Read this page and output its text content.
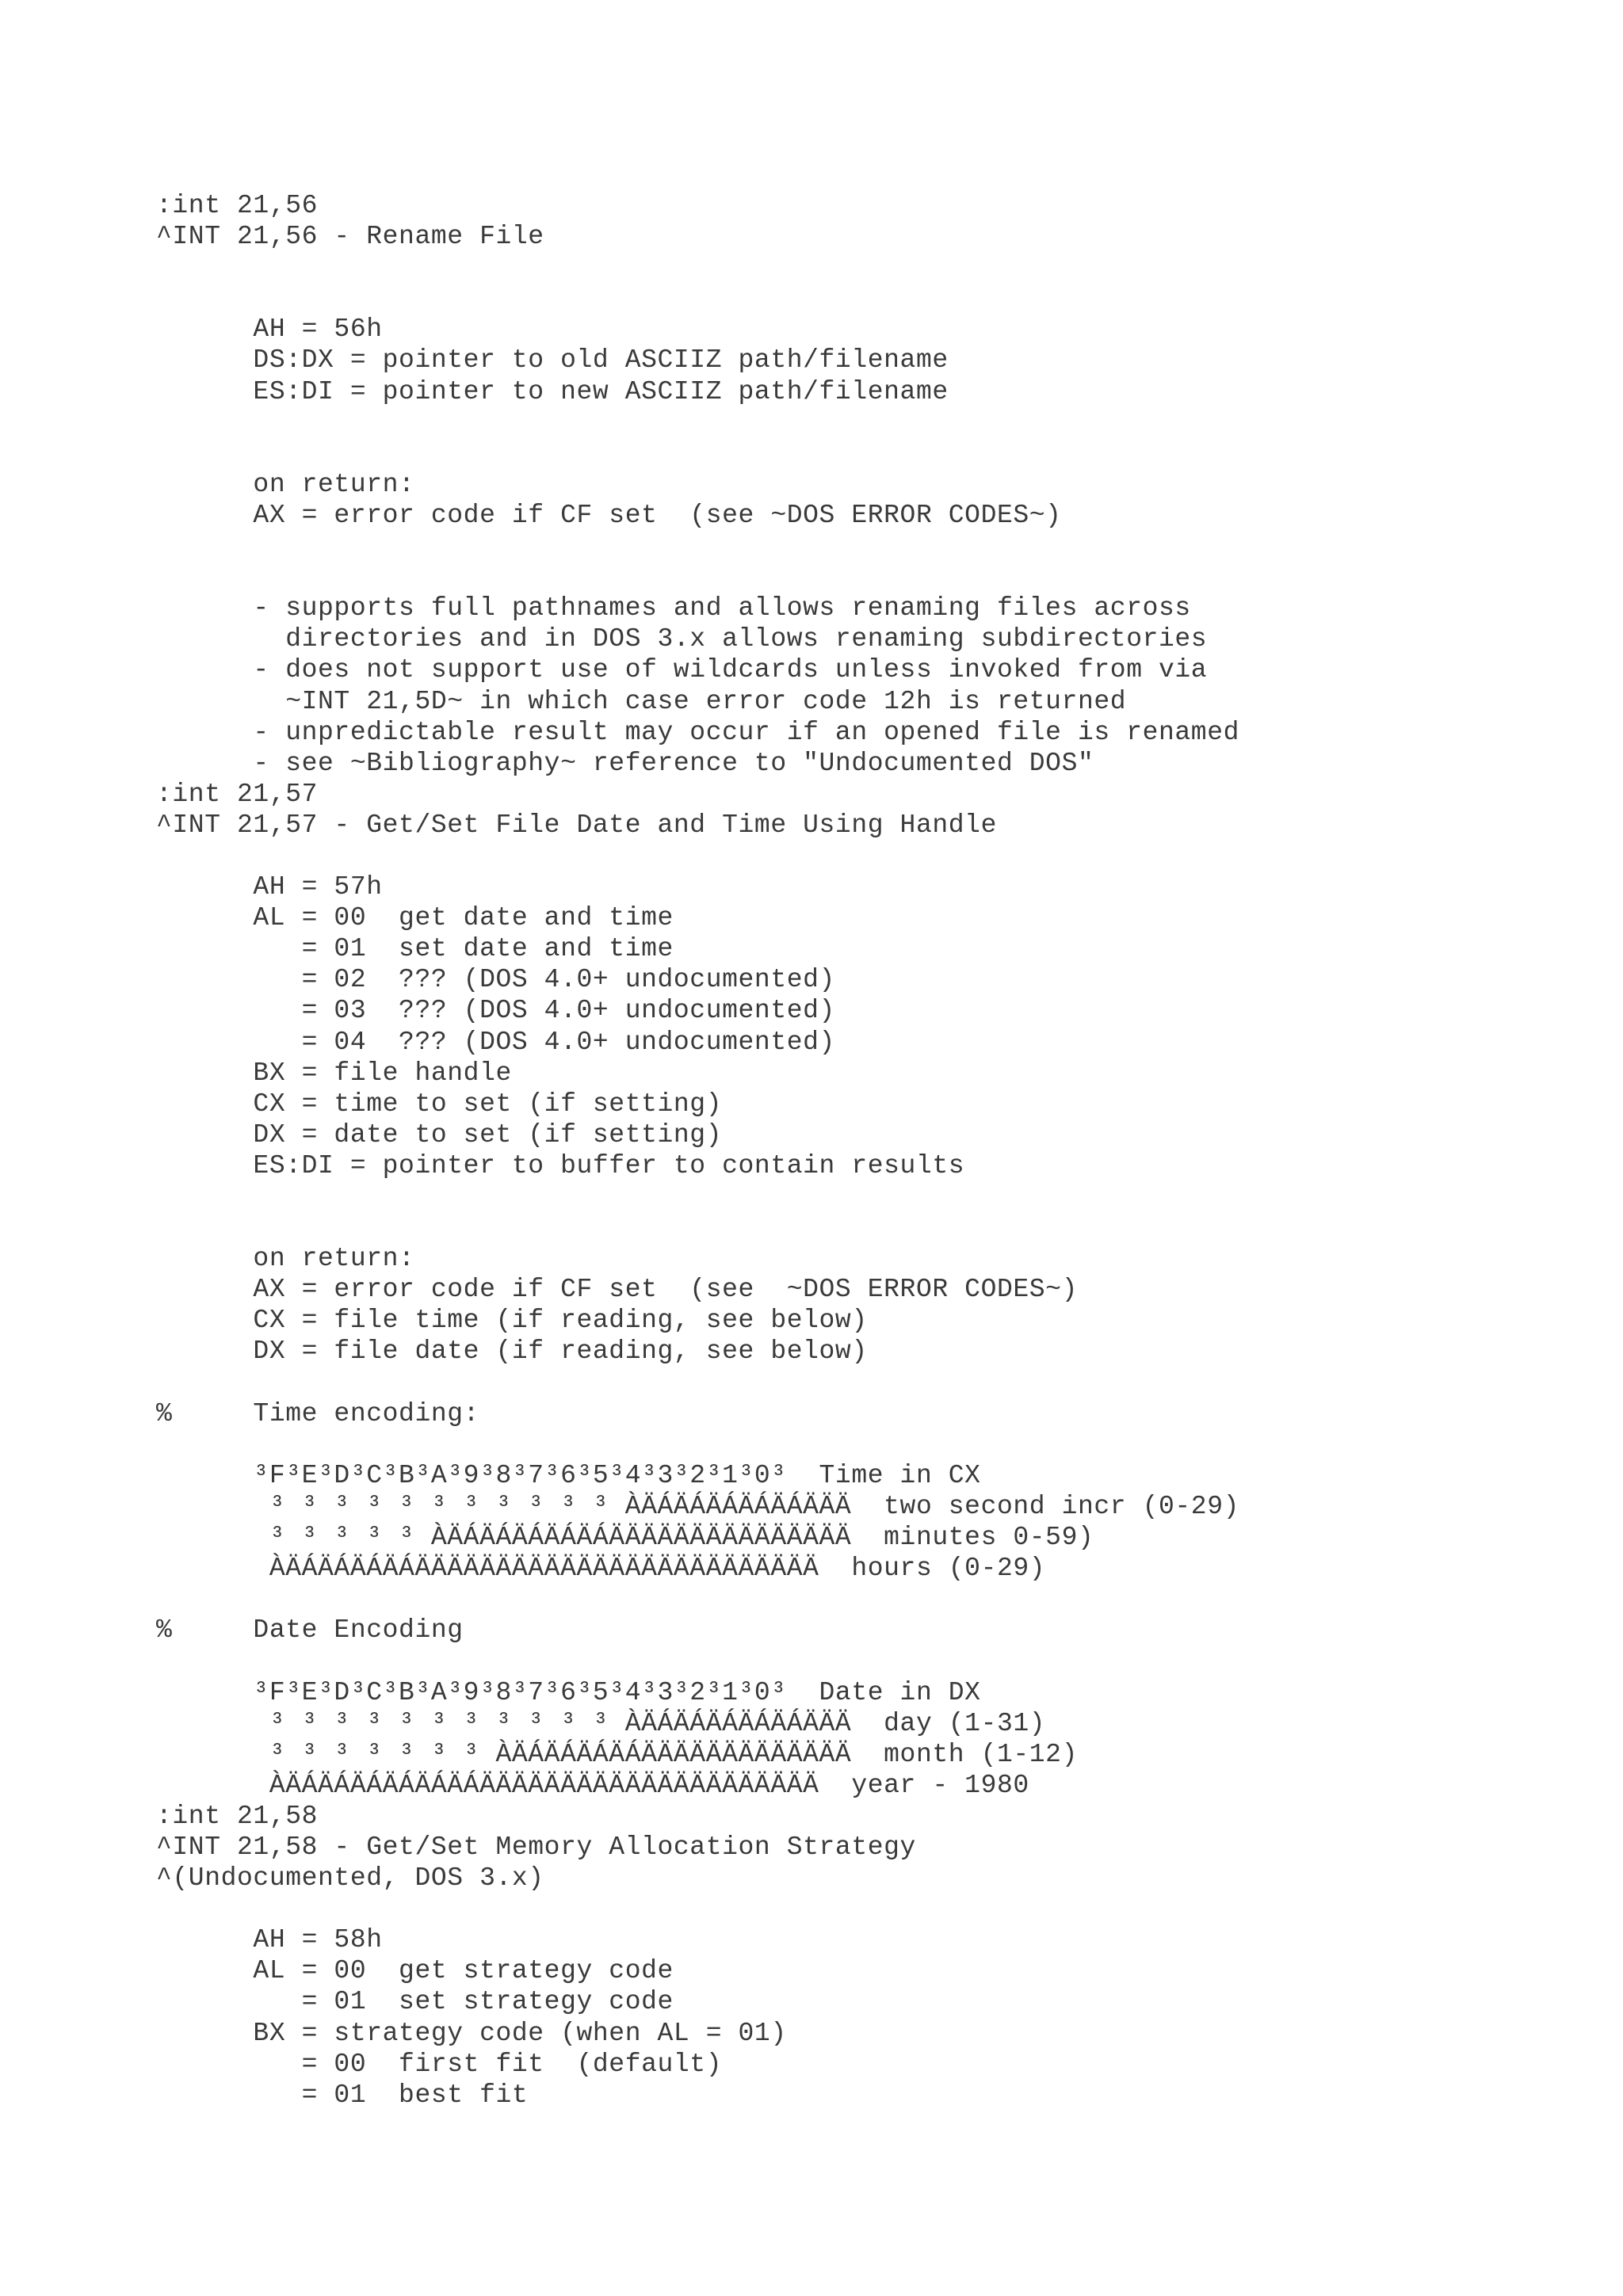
:int 21,56
^INT 21,56 - Rename File
AH = 56h
DS:DX = pointer to old ASCIIZ path/filename
ES:DI = pointer to new ASCIIZ path/filename
on return:
AX = error code if CF set  (see ~DOS ERROR CODES~)
- supports full pathnames and allows renaming files across
directories and in DOS 3.x allows renaming subdirectories
- does not support use of wildcards unless invoked from via
~INT 21,5D~ in which case error code 12h is returned
- unpredictable result may occur if an opened file is renamed
- see ~Bibliography~ reference to "Undocumented DOS"
:int 21,57
^INT 21,57 - Get/Set File Date and Time Using Handle
AH = 57h
AL = 00  get date and time
= 01  set date and time
= 02  ??? (DOS 4.0+ undocumented)
= 03  ??? (DOS 4.0+ undocumented)
= 04  ??? (DOS 4.0+ undocumented)
BX = file handle
CX = time to set (if setting)
DX = date to set (if setting)
ES:DI = pointer to buffer to contain results
on return:
AX = error code if CF set  (see  ~DOS ERROR CODES~)
CX = file time (if reading, see below)
DX = file date (if reading, see below)
%     Time encoding:
³F³E³D³C³B³A³9³8³7³6³5³4³3³2³1³0³  Time in CX
³ ³ ³ ³ ³ ³ ³ ³ ³ ³ ³ ÀÄÁÄÁÄÁÄÁÄÁÄÄÄ  two second incr (0-29)
³ ³ ³ ³ ³ ÀÄÁÄÁÄÁÄÁÄÁÄÄÄÄÄÄÄÄÄÄÄÄÄÄÄ  minutes 0-59)
ÀÄÁÄÁÄÁÄÁÄÄÄÄÄÄÄÄÄÄÄÄÄÄÄÄÄÄÄÄÄÄÄÄÄ  hours (0-29)
%     Date Encoding
³F³E³D³C³B³A³9³8³7³6³5³4³3³2³1³0³  Date in DX
³ ³ ³ ³ ³ ³ ³ ³ ³ ³ ³ ÀÄÁÄÁÄÁÄÁÄÁÄÄÄ  day (1-31)
³ ³ ³ ³ ³ ³ ³ ÀÄÁÄÁÄÁÄÁÄÄÄÄÄÄÄÄÄÄÄÄÄ  month (1-12)
ÀÄÁÄÁÄÁÄÁÄÁÄÁÄÄÄÄÄÄÄÄÄÄÄÄÄÄÄÄÄÄÄÄÄ  year - 1980
:int 21,58
^INT 21,58 - Get/Set Memory Allocation Strategy
^(Undocumented, DOS 3.x)
AH = 58h
AL = 00  get strategy code
= 01  set strategy code
BX = strategy code (when AL = 01)
= 00  first fit  (default)
= 01  best fit
